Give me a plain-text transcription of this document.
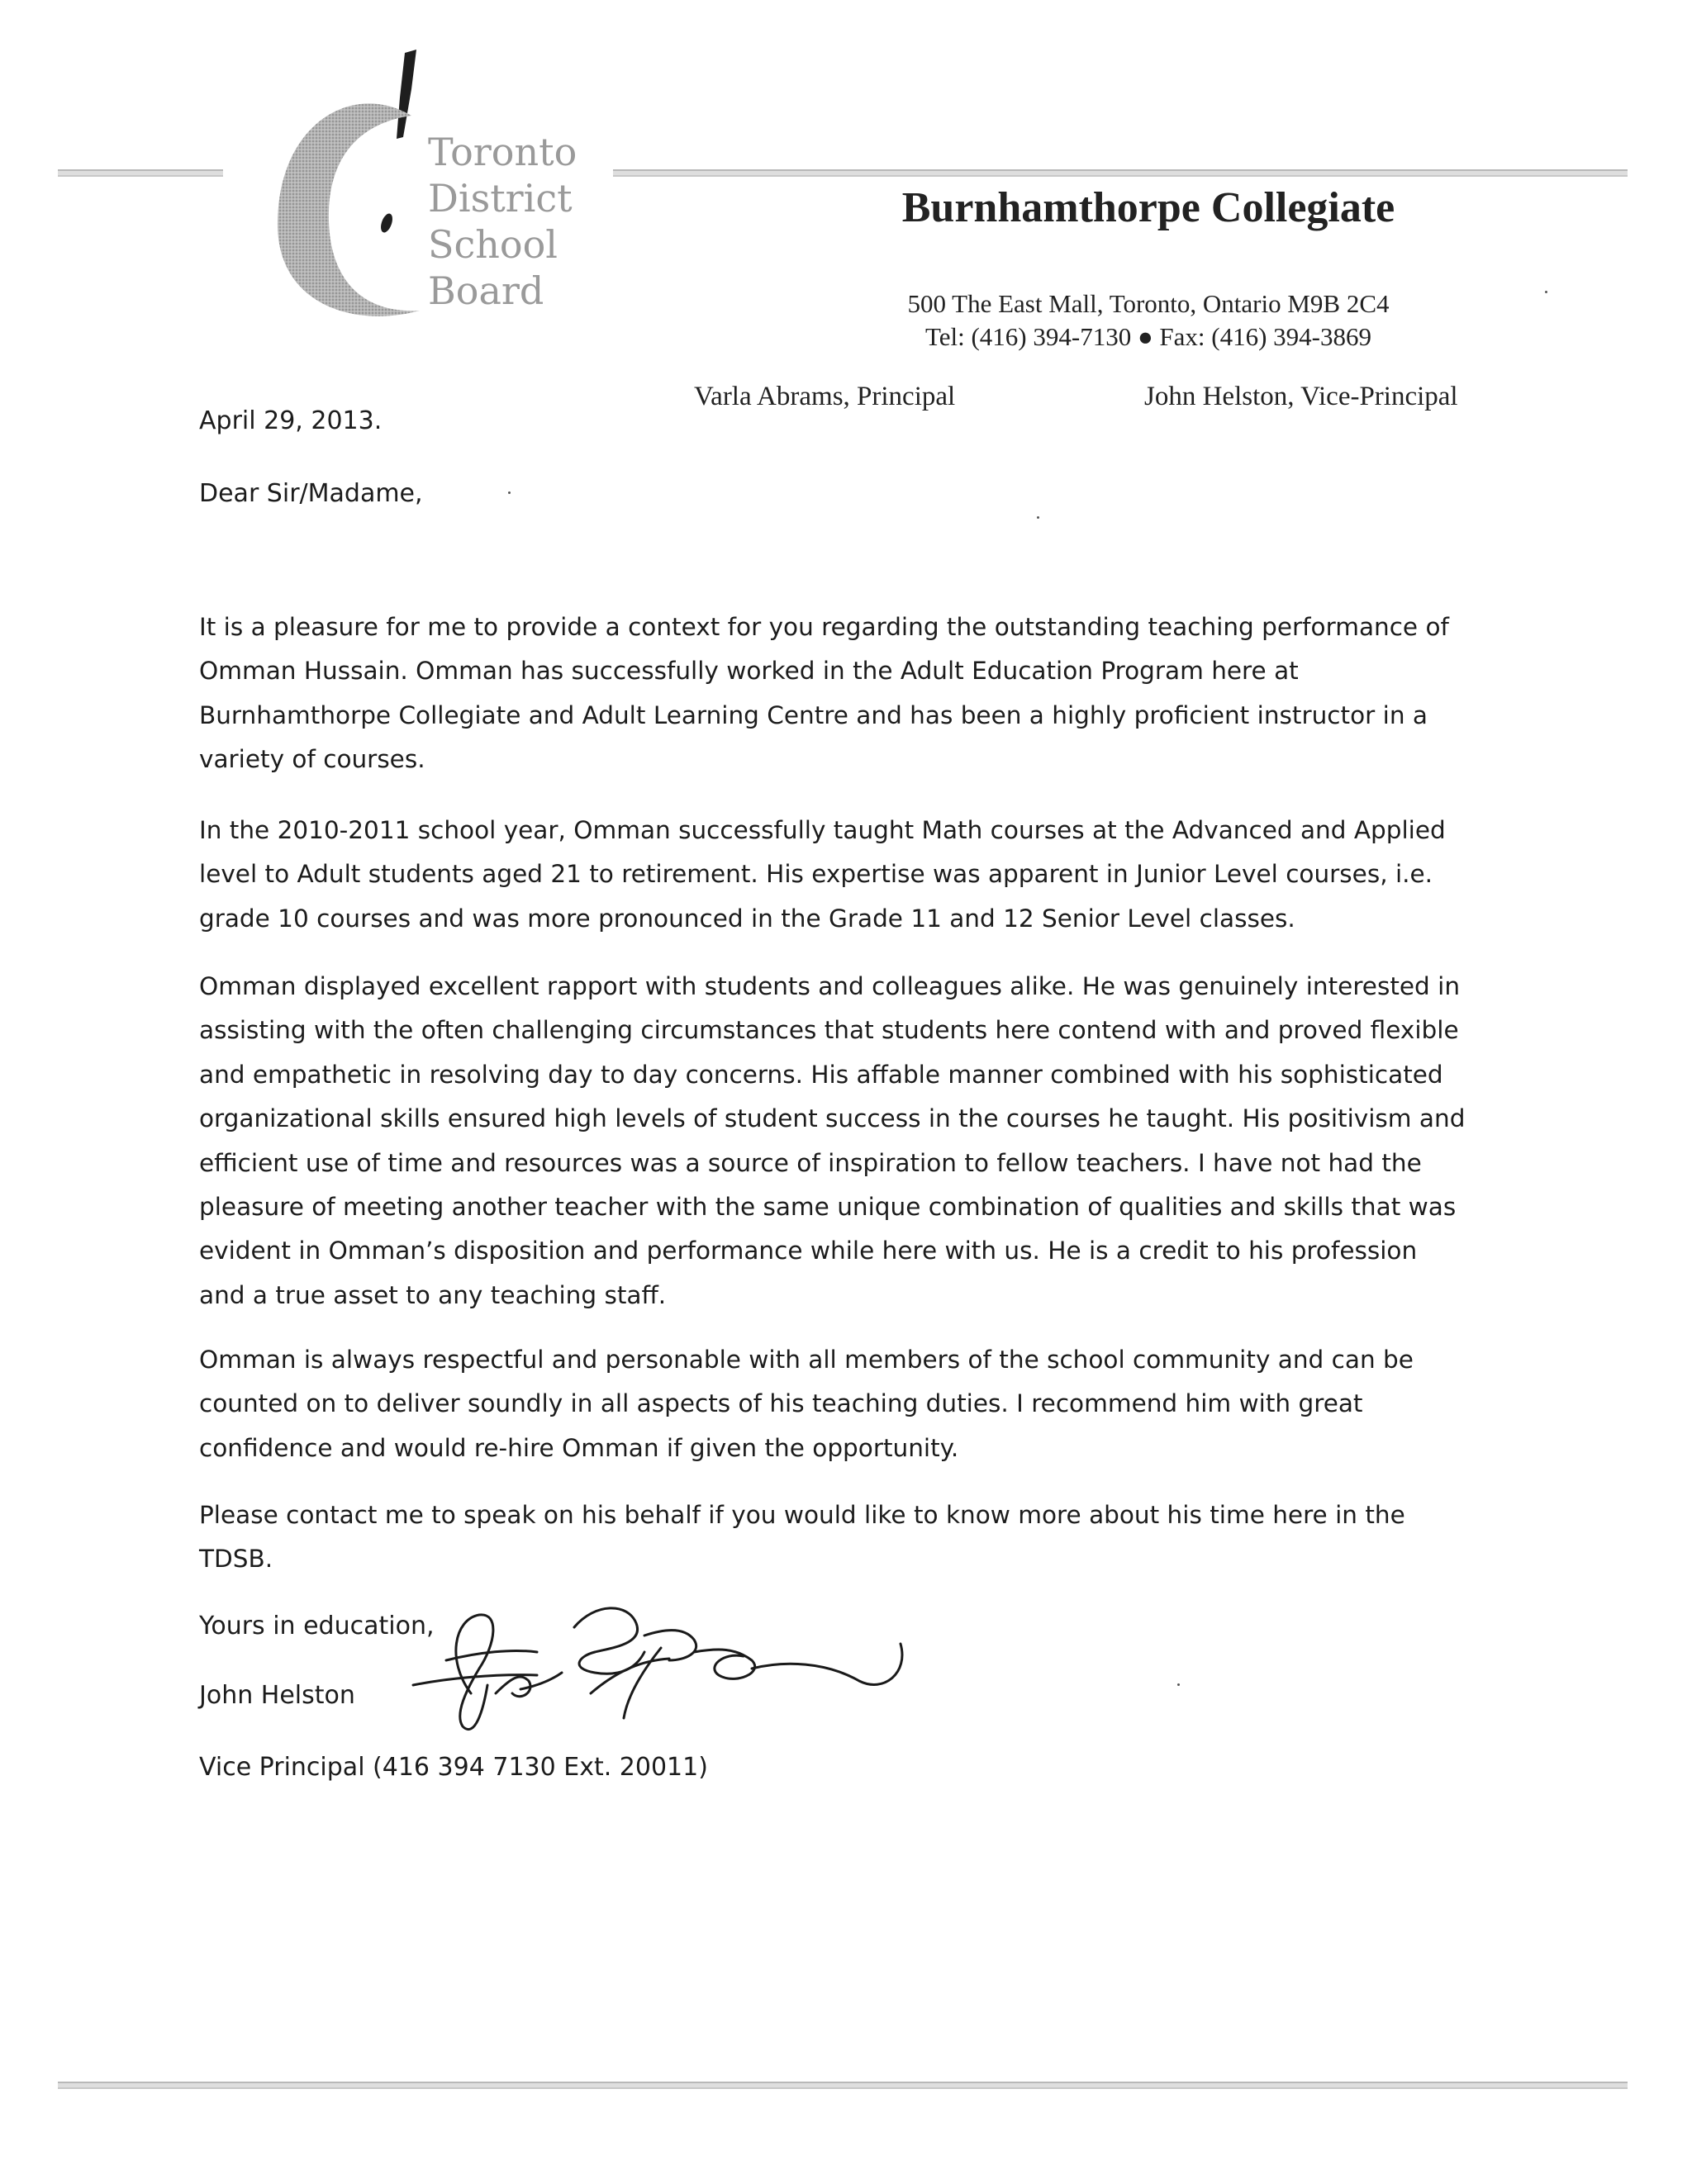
Toronto
District
School
Board
Burnhamthorpe Collegiate
500 The East Mall, Toronto, Ontario M9B 2C4
Tel: (416) 394-7130 ● Fax: (416) 394-3869
Varla Abrams, Principal	John Helston, Vice-Principal
April 29, 2013.
Dear Sir/Madame,
It is a pleasure for me to provide a context for you regarding the outstanding teaching performance of
Omman Hussain. Omman has successfully worked in the Adult Education Program here at
Burnhamthorpe Collegiate and Adult Learning Centre and has been a highly proficient instructor in a
variety of courses.
In the 2010-2011 school year, Omman successfully taught Math courses at the Advanced and Applied
level to Adult students aged 21 to retirement. His expertise was apparent in Junior Level courses, i.e.
grade 10 courses and was more pronounced in the Grade 11 and 12 Senior Level classes.
Omman displayed excellent rapport with students and colleagues alike. He was genuinely interested in
assisting with the often challenging circumstances that students here contend with and proved flexible
and empathetic in resolving day to day concerns. His affable manner combined with his sophisticated
organizational skills ensured high levels of student success in the courses he taught. His positivism and
efficient use of time and resources was a source of inspiration to fellow teachers. I have not had the
pleasure of meeting another teacher with the same unique combination of qualities and skills that was
evident in Omman’s disposition and performance while here with us. He is a credit to his profession
and a true asset to any teaching staff.
Omman is always respectful and personable with all members of the school community and can be
counted on to deliver soundly in all aspects of his teaching duties. I recommend him with great
confidence and would re-hire Omman if given the opportunity.
Please contact me to speak on his behalf if you would like to know more about his time here in the
TDSB.
Yours in education,
John Helston
Vice Principal (416 394 7130 Ext. 20011)
